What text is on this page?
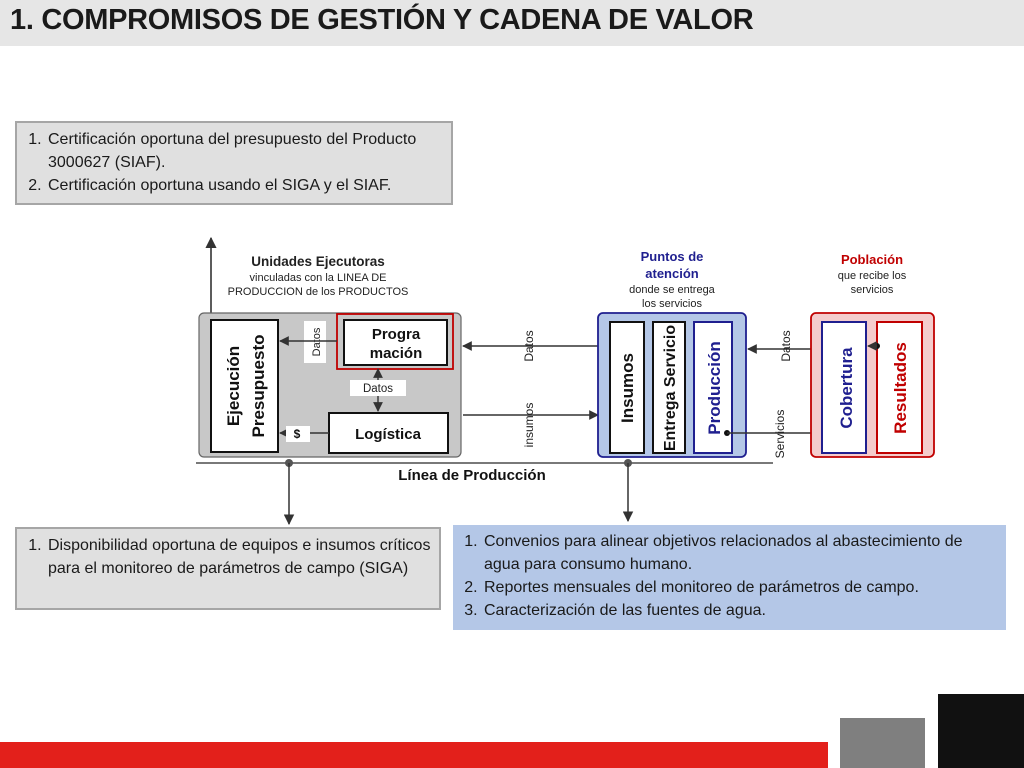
1. COMPROMISOS DE GESTIÓN Y CADENA DE VALOR
1. Certificación oportuna del presupuesto del Producto 3000627 (SIAF).
2. Certificación oportuna usando el SIGA y el SIAF.
1. Disponibilidad oportuna de equipos e insumos críticos para el monitoreo de parámetros de campo (SIGA)
1. Convenios para alinear objetivos relacionados al abastecimiento de agua para consumo humano.
2. Reportes mensuales del monitoreo de parámetros de campo.
3. Caracterización de las fuentes de agua.
Unidades Ejecutoras
vinculadas con la LINEA DE
PRODUCCION de los PRODUCTOS
Puntos de
atención
donde se entrega
los servicios
Población
que recibe los
servicios
Ejecución Presupuesto
Progra
mación
Logística
Datos
Datos
$
Línea de Producción
Datos
insumos
Insumos Entrega Servicio Producción	Datos
Servicios
Cobertura Resultados
